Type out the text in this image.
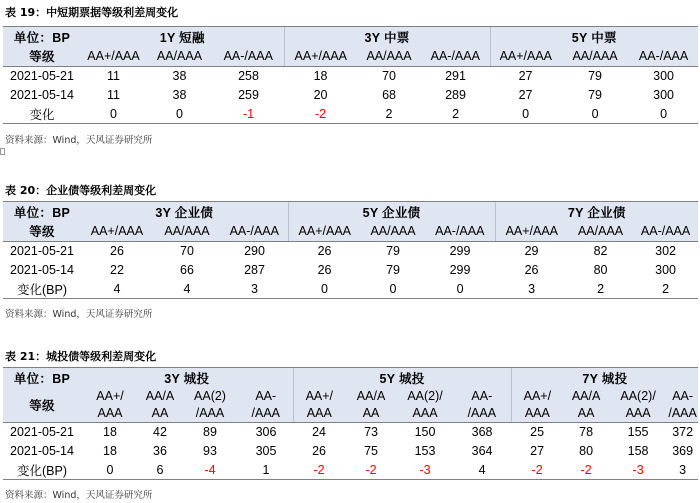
表 19：中短期票据等级利差周变化
单位：BP	1Y 短融			3Y 中票			5Y 中票		
等级	AA+/AAA	AA/AAA	AA-/AAA	AA+/AAA	AA/AAA	AA-/AAA	AA+/AAA	AA/AAA	AA-/AAA
2021-05-21	11	38	258	18	70	291	27	79	300
2021-05-14	11	38	259	20	68	289	27	79	300
变化	0	0	-1	-2	2	2	0	0	0
资料来源：Wind，天风证券研究所
表 20：企业债等级利差周变化
单位：BP	3Y 企业债			5Y 企业债			7Y 企业债		
等级	AA+/AAA	AA/AAA	AA-/AAA	AA+/AAA	AA/AAA	AA-/AAA	AA+/AAA	AA/AAA	AA-/AAA
2021-05-21	26	70	290	26	79	299	29	82	302
2021-05-14	22	66	287	26	79	299	26	80	300
变化(BP)	4	4	3	0	0	0	3	2	2
资料来源：Wind，天风证券研究所
表 21：城投债等级利差周变化
单位：BP	3Y 城投				5Y 城投				7Y 城投			
等级	AA+/	AA/A	AA(2)	AA-	AA+/	AA/A	AA(2)/	AA-	AA+/	AA/A	AA(2)/	AA-
	AAA	AA	/AAA	/AAA	AAA	AA	AAA	/AAA	AAA	AA	AAA	/AAA
2021-05-21	18	42	89	306	24	73	150	368	25	78	155	372
2021-05-14	18	36	93	305	26	75	153	364	27	80	158	369
变化(BP)	0	6	-4	1	-2	-2	-3	4	-2	-2	-3	3
资料来源：Wind，天风证券研究所
